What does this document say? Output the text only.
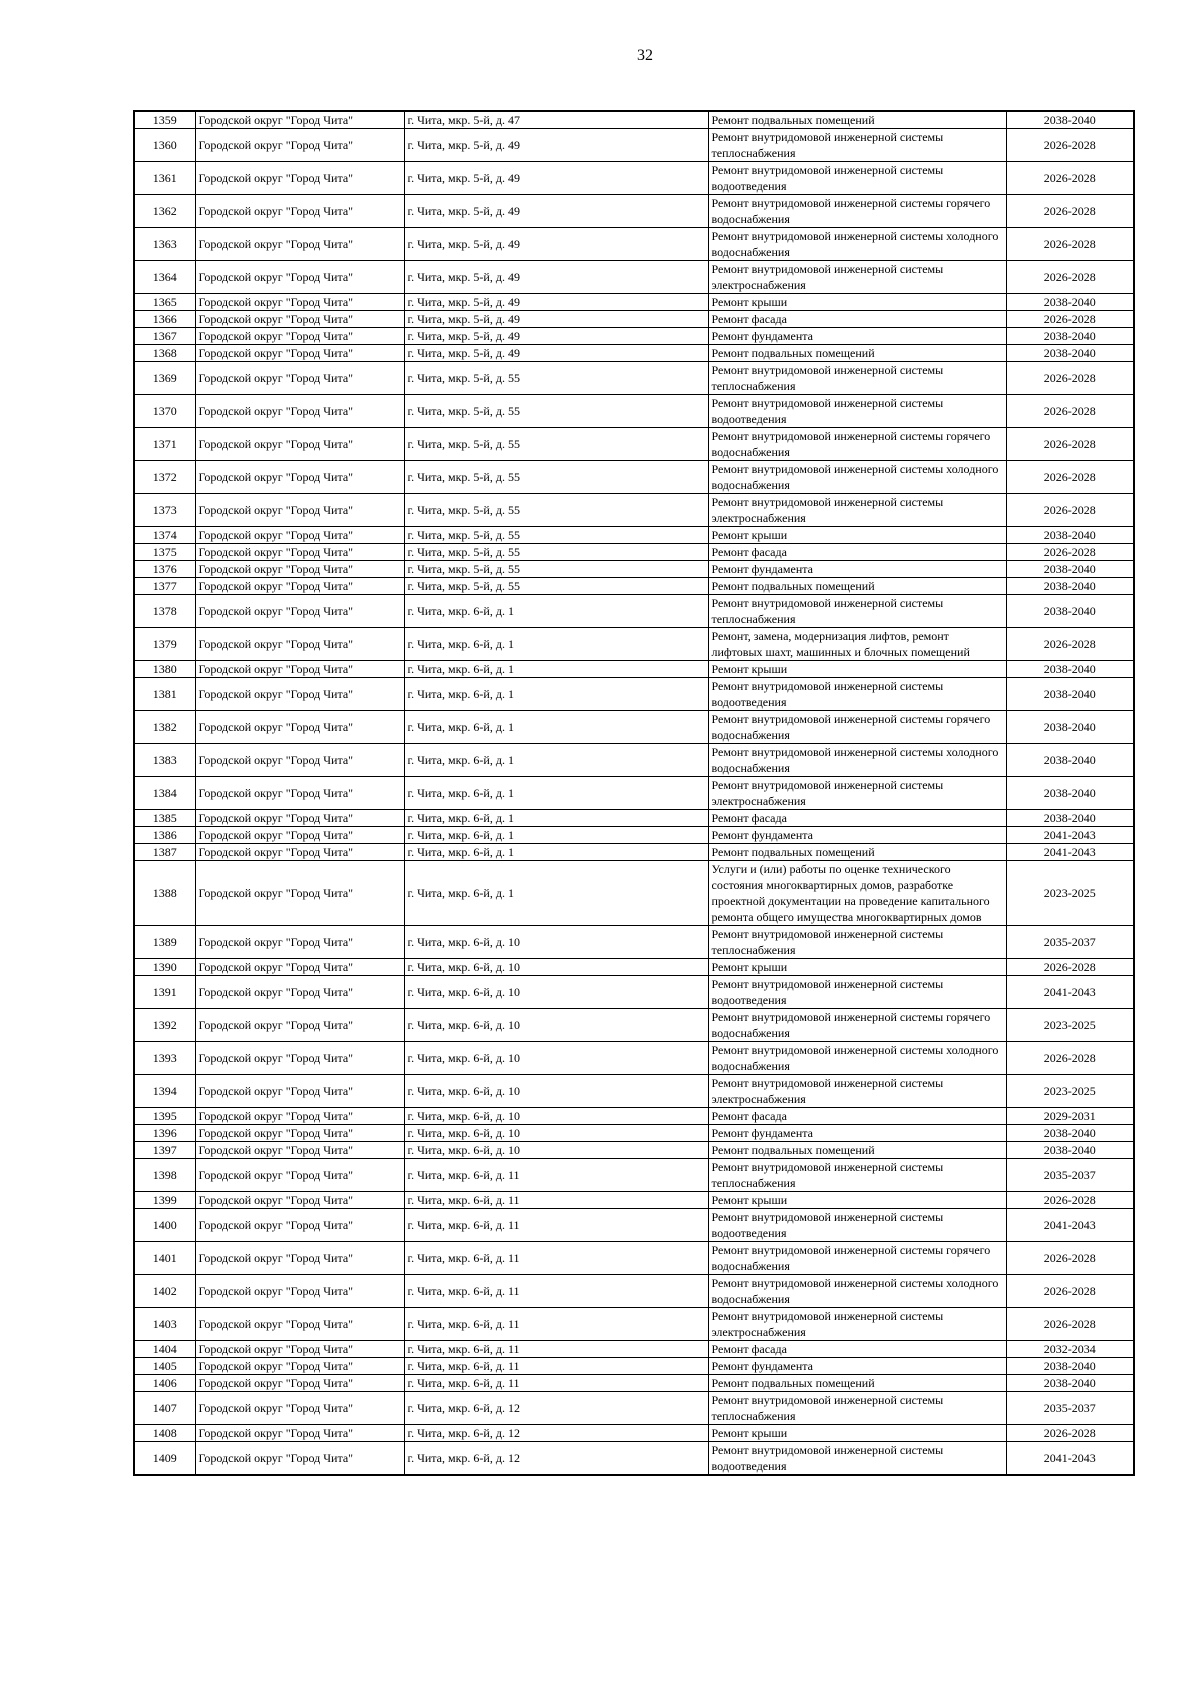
32
1359	Городской округ "Город Чита"	г. Чита, мкр. 5-й, д. 47	Ремонт подвальных помещений	2038-2040
1360	Городской округ "Город Чита"	г. Чита, мкр. 5-й, д. 49	Ремонт внутридомовой инженерной системы теплоснабжения	2026-2028
1361	Городской округ "Город Чита"	г. Чита, мкр. 5-й, д. 49	Ремонт внутридомовой инженерной системы водоотведения	2026-2028
1362	Городской округ "Город Чита"	г. Чита, мкр. 5-й, д. 49	Ремонт внутридомовой инженерной системы горячего водоснабжения	2026-2028
1363	Городской округ "Город Чита"	г. Чита, мкр. 5-й, д. 49	Ремонт внутридомовой инженерной системы холодного водоснабжения	2026-2028
1364	Городской округ "Город Чита"	г. Чита, мкр. 5-й, д. 49	Ремонт внутридомовой инженерной системы электроснабжения	2026-2028
1365	Городской округ "Город Чита"	г. Чита, мкр. 5-й, д. 49	Ремонт крыши	2038-2040
1366	Городской округ "Город Чита"	г. Чита, мкр. 5-й, д. 49	Ремонт фасада	2026-2028
1367	Городской округ "Город Чита"	г. Чита, мкр. 5-й, д. 49	Ремонт фундамента	2038-2040
1368	Городской округ "Город Чита"	г. Чита, мкр. 5-й, д. 49	Ремонт подвальных помещений	2038-2040
1369	Городской округ "Город Чита"	г. Чита, мкр. 5-й, д. 55	Ремонт внутридомовой инженерной системы теплоснабжения	2026-2028
1370	Городской округ "Город Чита"	г. Чита, мкр. 5-й, д. 55	Ремонт внутридомовой инженерной системы водоотведения	2026-2028
1371	Городской округ "Город Чита"	г. Чита, мкр. 5-й, д. 55	Ремонт внутридомовой инженерной системы горячего водоснабжения	2026-2028
1372	Городской округ "Город Чита"	г. Чита, мкр. 5-й, д. 55	Ремонт внутридомовой инженерной системы холодного водоснабжения	2026-2028
1373	Городской округ "Город Чита"	г. Чита, мкр. 5-й, д. 55	Ремонт внутридомовой инженерной системы электроснабжения	2026-2028
1374	Городской округ "Город Чита"	г. Чита, мкр. 5-й, д. 55	Ремонт крыши	2038-2040
1375	Городской округ "Город Чита"	г. Чита, мкр. 5-й, д. 55	Ремонт фасада	2026-2028
1376	Городской округ "Город Чита"	г. Чита, мкр. 5-й, д. 55	Ремонт фундамента	2038-2040
1377	Городской округ "Город Чита"	г. Чита, мкр. 5-й, д. 55	Ремонт подвальных помещений	2038-2040
1378	Городской округ "Город Чита"	г. Чита, мкр. 6-й, д. 1	Ремонт внутридомовой инженерной системы теплоснабжения	2038-2040
1379	Городской округ "Город Чита"	г. Чита, мкр. 6-й, д. 1	Ремонт, замена, модернизация лифтов, ремонт лифтовых шахт, машинных и блочных помещений	2026-2028
1380	Городской округ "Город Чита"	г. Чита, мкр. 6-й, д. 1	Ремонт крыши	2038-2040
1381	Городской округ "Город Чита"	г. Чита, мкр. 6-й, д. 1	Ремонт внутридомовой инженерной системы водоотведения	2038-2040
1382	Городской округ "Город Чита"	г. Чита, мкр. 6-й, д. 1	Ремонт внутридомовой инженерной системы горячего водоснабжения	2038-2040
1383	Городской округ "Город Чита"	г. Чита, мкр. 6-й, д. 1	Ремонт внутридомовой инженерной системы холодного водоснабжения	2038-2040
1384	Городской округ "Город Чита"	г. Чита, мкр. 6-й, д. 1	Ремонт внутридомовой инженерной системы электроснабжения	2038-2040
1385	Городской округ "Город Чита"	г. Чита, мкр. 6-й, д. 1	Ремонт фасада	2038-2040
1386	Городской округ "Город Чита"	г. Чита, мкр. 6-й, д. 1	Ремонт фундамента	2041-2043
1387	Городской округ "Город Чита"	г. Чита, мкр. 6-й, д. 1	Ремонт подвальных помещений	2041-2043
1388	Городской округ "Город Чита"	г. Чита, мкр. 6-й, д. 1	Услуги и (или) работы по оценке технического состояния многоквартирных домов, разработке проектной документации на проведение капитального ремонта общего имущества многоквартирных домов	2023-2025
1389	Городской округ "Город Чита"	г. Чита, мкр. 6-й, д. 10	Ремонт внутридомовой инженерной системы теплоснабжения	2035-2037
1390	Городской округ "Город Чита"	г. Чита, мкр. 6-й, д. 10	Ремонт крыши	2026-2028
1391	Городской округ "Город Чита"	г. Чита, мкр. 6-й, д. 10	Ремонт внутридомовой инженерной системы водоотведения	2041-2043
1392	Городской округ "Город Чита"	г. Чита, мкр. 6-й, д. 10	Ремонт внутридомовой инженерной системы горячего водоснабжения	2023-2025
1393	Городской округ "Город Чита"	г. Чита, мкр. 6-й, д. 10	Ремонт внутридомовой инженерной системы холодного водоснабжения	2026-2028
1394	Городской округ "Город Чита"	г. Чита, мкр. 6-й, д. 10	Ремонт внутридомовой инженерной системы электроснабжения	2023-2025
1395	Городской округ "Город Чита"	г. Чита, мкр. 6-й, д. 10	Ремонт фасада	2029-2031
1396	Городской округ "Город Чита"	г. Чита, мкр. 6-й, д. 10	Ремонт фундамента	2038-2040
1397	Городской округ "Город Чита"	г. Чита, мкр. 6-й, д. 10	Ремонт подвальных помещений	2038-2040
1398	Городской округ "Город Чита"	г. Чита, мкр. 6-й, д. 11	Ремонт внутридомовой инженерной системы теплоснабжения	2035-2037
1399	Городской округ "Город Чита"	г. Чита, мкр. 6-й, д. 11	Ремонт крыши	2026-2028
1400	Городской округ "Город Чита"	г. Чита, мкр. 6-й, д. 11	Ремонт внутридомовой инженерной системы водоотведения	2041-2043
1401	Городской округ "Город Чита"	г. Чита, мкр. 6-й, д. 11	Ремонт внутридомовой инженерной системы горячего водоснабжения	2026-2028
1402	Городской округ "Город Чита"	г. Чита, мкр. 6-й, д. 11	Ремонт внутридомовой инженерной системы холодного водоснабжения	2026-2028
1403	Городской округ "Город Чита"	г. Чита, мкр. 6-й, д. 11	Ремонт внутридомовой инженерной системы электроснабжения	2026-2028
1404	Городской округ "Город Чита"	г. Чита, мкр. 6-й, д. 11	Ремонт фасада	2032-2034
1405	Городской округ "Город Чита"	г. Чита, мкр. 6-й, д. 11	Ремонт фундамента	2038-2040
1406	Городской округ "Город Чита"	г. Чита, мкр. 6-й, д. 11	Ремонт подвальных помещений	2038-2040
1407	Городской округ "Город Чита"	г. Чита, мкр. 6-й, д. 12	Ремонт внутридомовой инженерной системы теплоснабжения	2035-2037
1408	Городской округ "Город Чита"	г. Чита, мкр. 6-й, д. 12	Ремонт крыши	2026-2028
1409	Городской округ "Город Чита"	г. Чита, мкр. 6-й, д. 12	Ремонт внутридомовой инженерной системы водоотведения	2041-2043
